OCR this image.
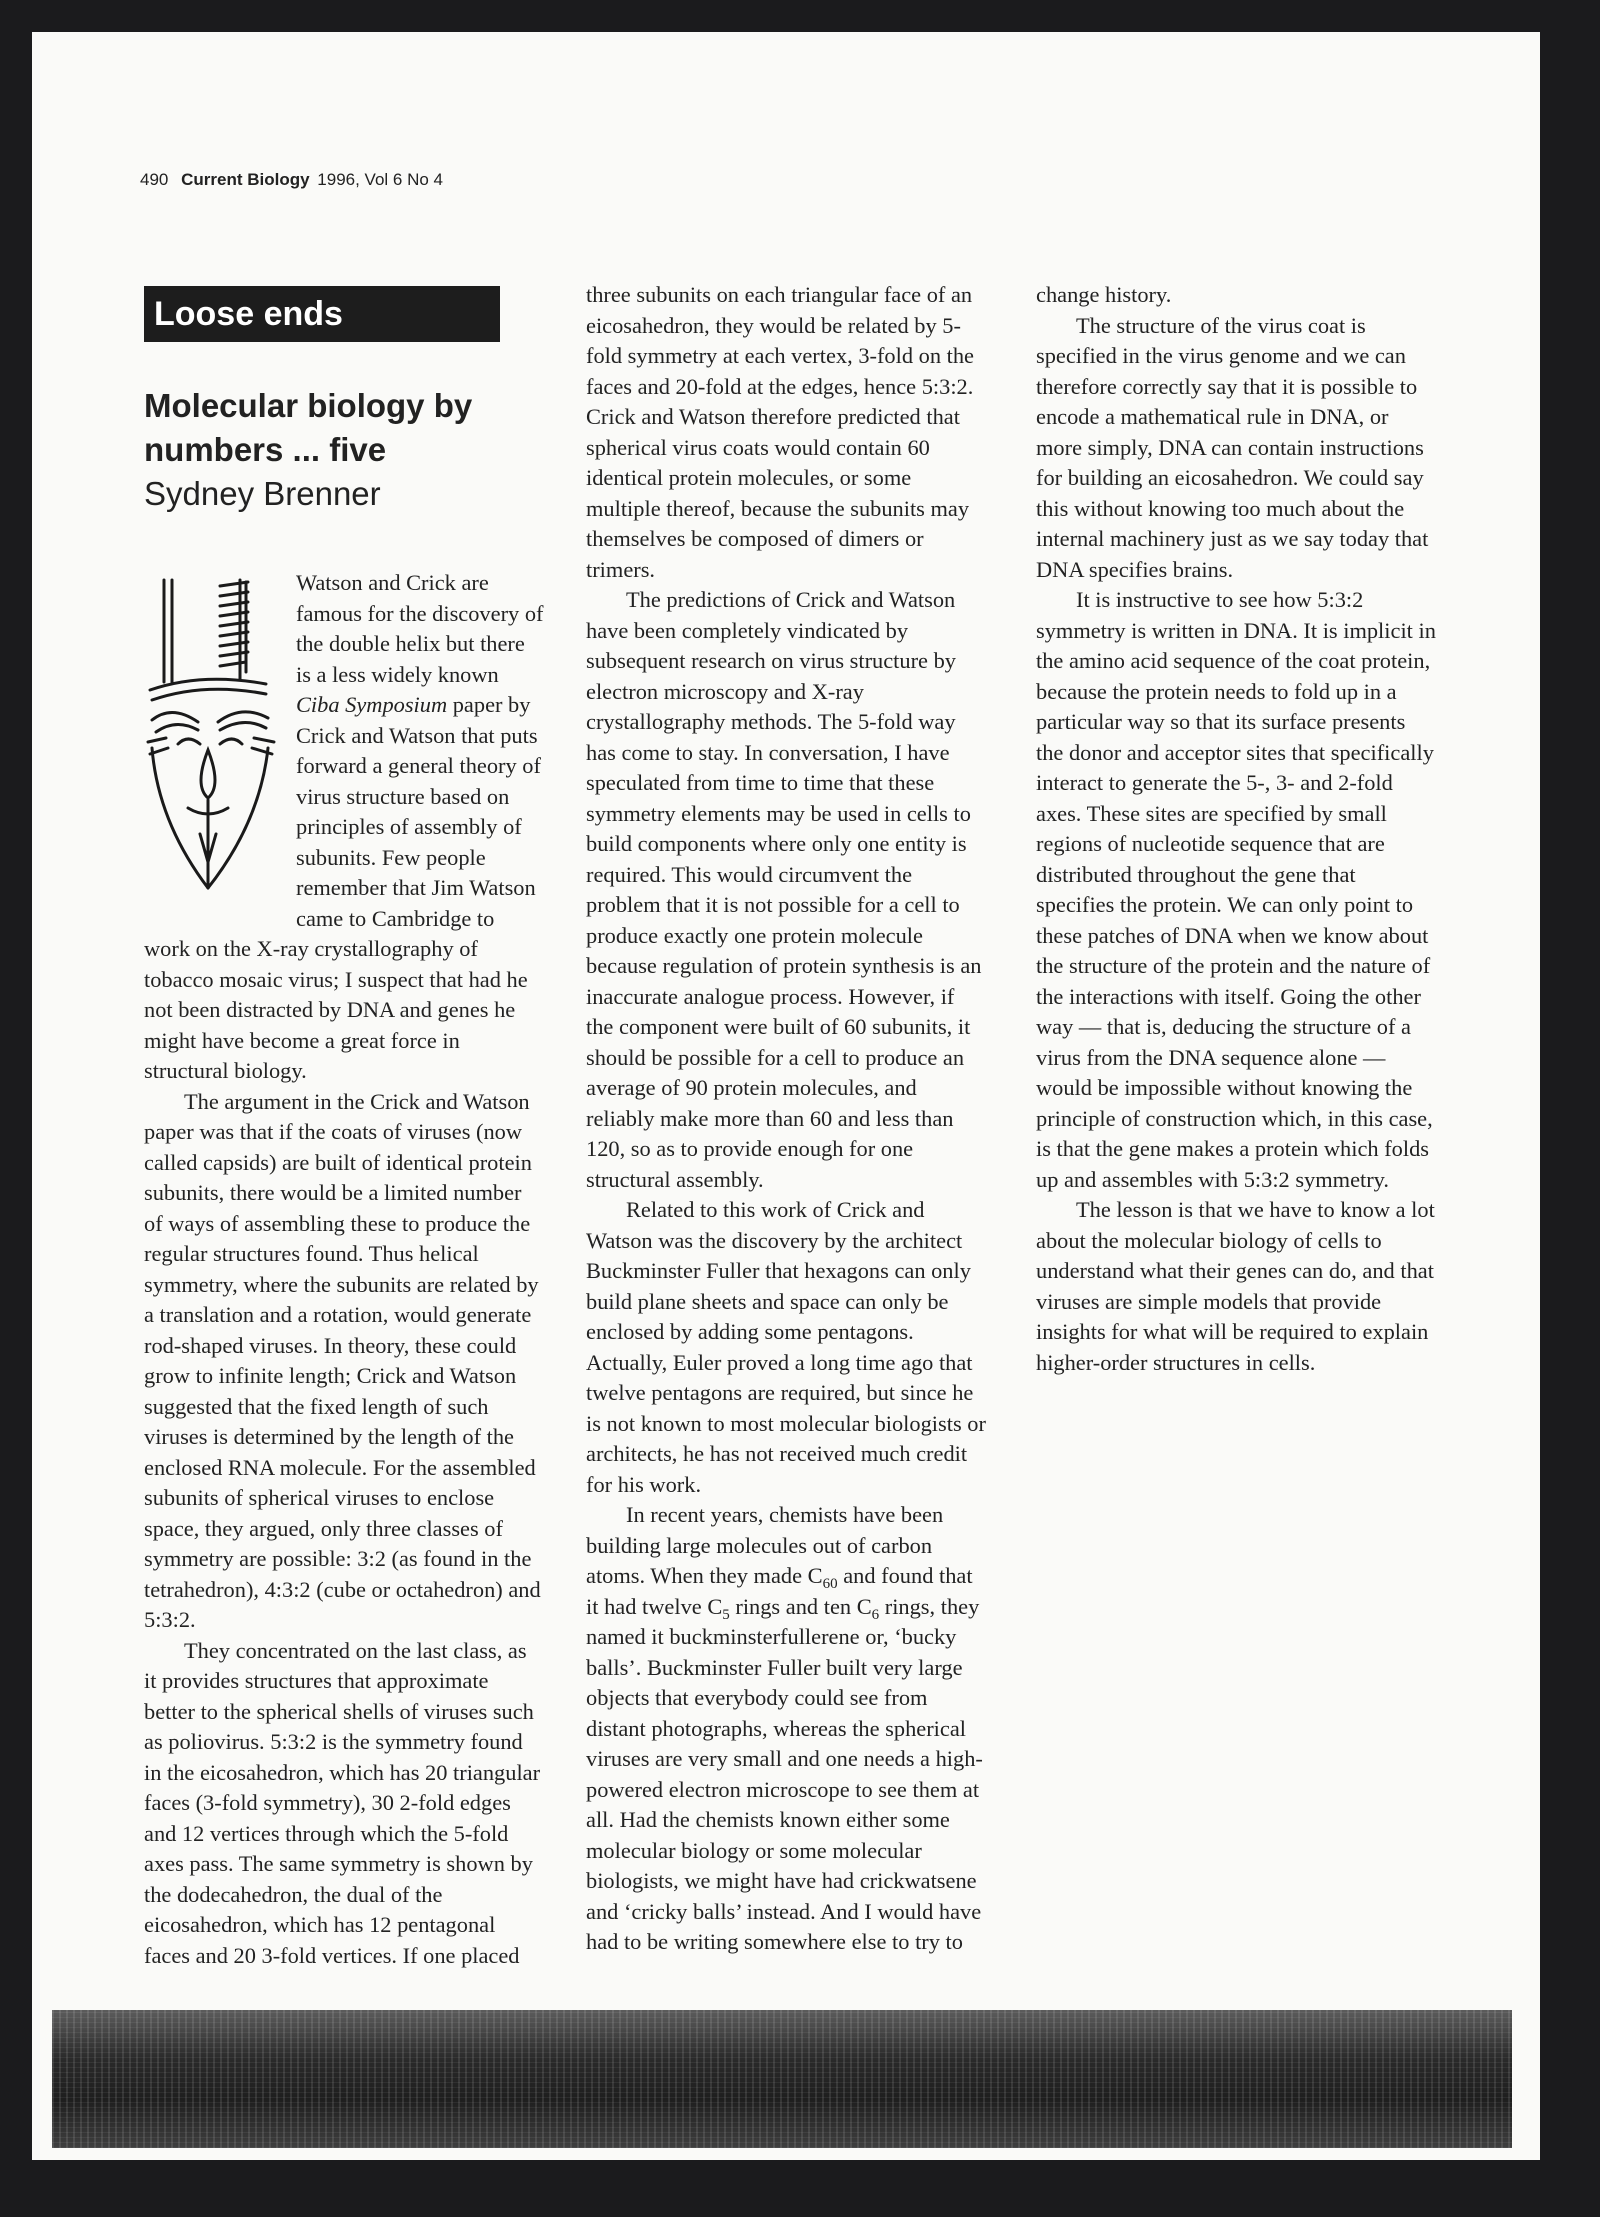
490 Current Biology 1996, Vol 6 No 4
Loose ends
Molecular biology by numbers ... five
Sydney Brenner

Watson and Crick are famous for the discovery of the double helix but there is a less widely known Ciba Symposium paper by Crick and Watson that puts forward a general theory of virus structure based on principles of assembly of subunits. Few people remember that Jim Watson came to Cambridge to work on the X-ray crystallography of tobacco mosaic virus; I suspect that had he not been distracted by DNA and genes he might have become a great force in structural biology.

The argument in the Crick and Watson paper was that if the coats of viruses (now called capsids) are built of identical protein subunits, there would be a limited number of ways of assembling these to produce the regular structures found. Thus helical symmetry, where the subunits are related by a translation and a rotation, would generate rod-shaped viruses. In theory, these could grow to infinite length; Crick and Watson suggested that the fixed length of such viruses is determined by the length of the enclosed RNA molecule. For the assembled subunits of spherical viruses to enclose space, they argued, only three classes of symmetry are possible: 3:2 (as found in the tetrahedron), 4:3:2 (cube or octahedron) and 5:3:2.

They concentrated on the last class, as it provides structures that approximate better to the spherical shells of viruses such as poliovirus. 5:3:2 is the symmetry found in the eicosahedron, which has 20 triangular faces (3-fold symmetry), 30 2-fold edges and 12 vertices through which the 5-fold axes pass. The same symmetry is shown by the dodecahedron, the dual of the eicosahedron, which has 12 pentagonal faces and 20 3-fold vertices. If one placed

three subunits on each triangular face of an eicosahedron, they would be related by 5-fold symmetry at each vertex, 3-fold on the faces and 20-fold at the edges, hence 5:3:2. Crick and Watson therefore predicted that spherical virus coats would contain 60 identical protein molecules, or some multiple thereof, because the subunits may themselves be composed of dimers or trimers.

The predictions of Crick and Watson have been completely vindicated by subsequent research on virus structure by electron microscopy and X-ray crystallography methods. The 5-fold way has come to stay. In conversation, I have speculated from time to time that these symmetry elements may be used in cells to build components where only one entity is required. This would circumvent the problem that it is not possible for a cell to produce exactly one protein molecule because regulation of protein synthesis is an inaccurate analogue process. However, if the component were built of 60 subunits, it should be possible for a cell to produce an average of 90 protein molecules, and reliably make more than 60 and less than 120, so as to provide enough for one structural assembly.

Related to this work of Crick and Watson was the discovery by the architect Buckminster Fuller that hexagons can only build plane sheets and space can only be enclosed by adding some pentagons. Actually, Euler proved a long time ago that twelve pentagons are required, but since he is not known to most molecular biologists or architects, he has not received much credit for his work.

In recent years, chemists have been building large molecules out of carbon atoms. When they made $C_{60}$ and found that it had twelve $C_5$ rings and ten $C_6$ rings, they named it buckminsterfullerene or, ‘bucky balls’. Buckminster Fuller built very large objects that everybody could see from distant photographs, whereas the spherical viruses are very small and one needs a high-powered electron microscope to see them at all. Had the chemists known either some molecular biology or some molecular biologists, we might have had crickwatsene and ‘cricky balls’ instead. And I would have had to be writing somewhere else to try to

change history.

The structure of the virus coat is specified in the virus genome and we can therefore correctly say that it is possible to encode a mathematical rule in DNA, or more simply, DNA can contain instructions for building an eicosahedron. We could say this without knowing too much about the internal machinery just as we say today that DNA specifies brains.

It is instructive to see how 5:3:2 symmetry is written in DNA. It is implicit in the amino acid sequence of the coat protein, because the protein needs to fold up in a particular way so that its surface presents the donor and acceptor sites that specifically interact to generate the 5-, 3- and 2-fold axes. These sites are specified by small regions of nucleotide sequence that are distributed throughout the gene that specifies the protein. We can only point to these patches of DNA when we know about the structure of the protein and the nature of the interactions with itself. Going the other way — that is, deducing the structure of a virus from the DNA sequence alone — would be impossible without knowing the principle of construction which, in this case, is that the gene makes a protein which folds up and assembles with 5:3:2 symmetry.

The lesson is that we have to know a lot about the molecular biology of cells to understand what their genes can do, and that viruses are simple models that provide insights for what will be required to explain higher-order structures in cells.
